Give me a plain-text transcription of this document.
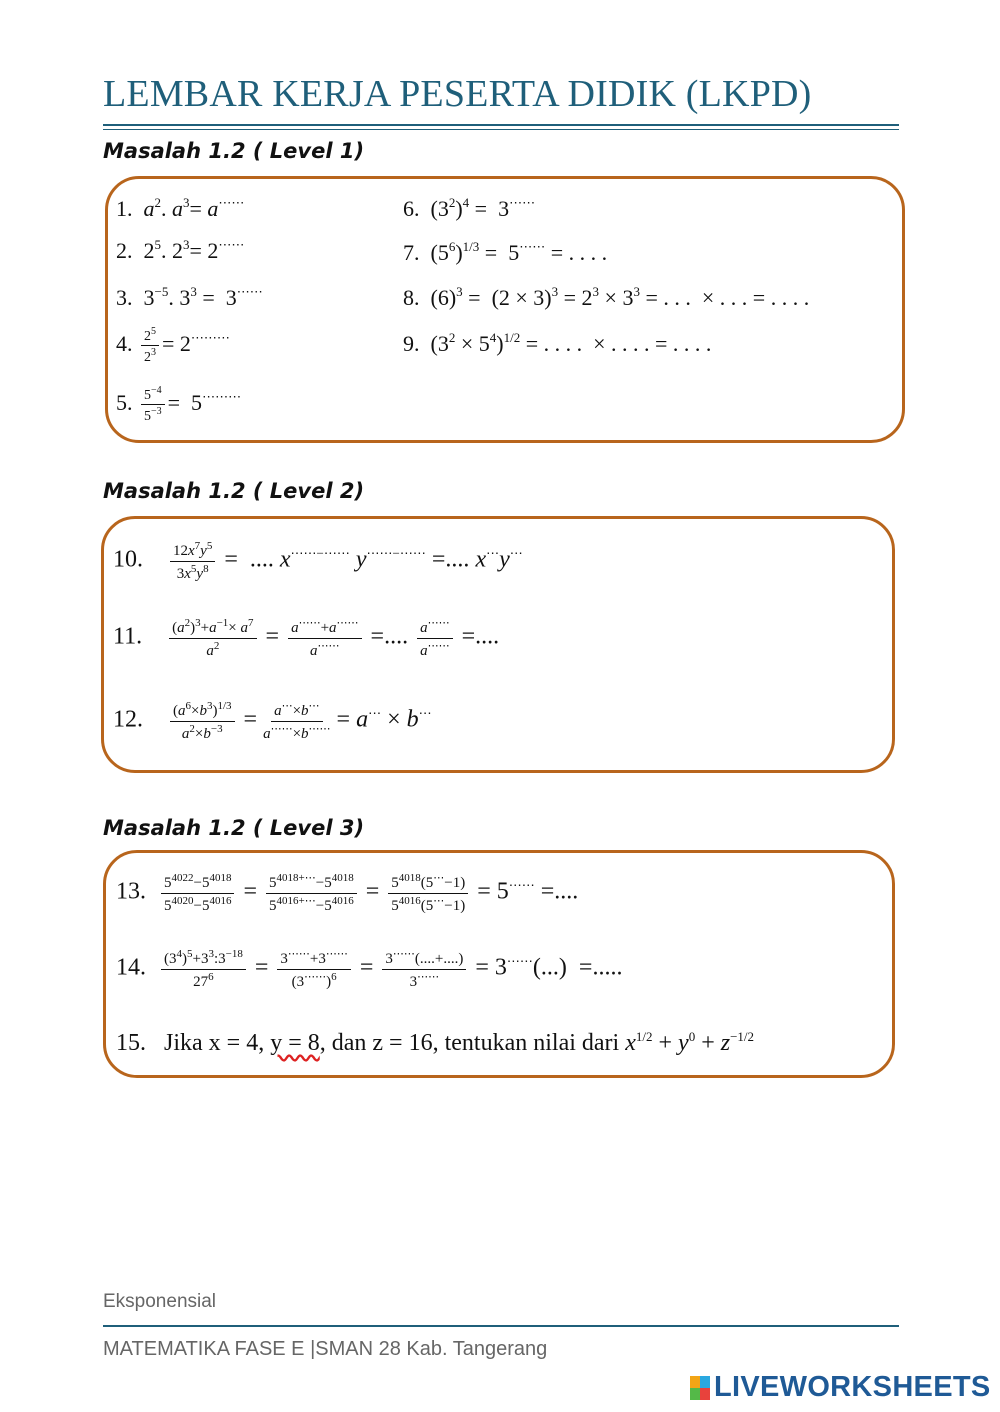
LEMBAR KERJA PESERTA DIDIK (LKPD)
Masalah 1.2 ( Level 1)
1.  $a^2$. $a^3= a^{\cdots\cdots}$
2.  $2^5$. $2^3= 2^{\cdots\cdots}$
3.  $3^{-5}$. $3^3 = 3^{\cdots\cdots}$
4. $\frac{2^5}{2^3} = 2^{\cdots\cdots\cdots}$
5. $\frac{5^{-4}}{5^{-3}} = 5^{\cdots\cdots\cdots}$
6.  $(3^2)^4 = 3^{\cdots\cdots}$
7.  $(5^6)^{1/3} = 5^{\cdots\cdots}$ = . . . .
8.  $(6)^3 = (2 \times 3)^3 = 2^3 \times 3^3$ = . . .  × . . . = . . . .
9.  $(3^2 \times 5^4)^{1/2}$ = . . . .  × . . . . = . . . .
Masalah 1.2 ( Level 2)
10. $\frac{12x^7y^5}{3x^5y^8}$ =  .... x⋯⋯−⋯⋯ y⋯⋯−⋯⋯ =.... x⋯y⋯
11. $\frac{(a^2)^3+a^{-1}\times a^7}{a^2} = \frac{a^{\cdots\cdots}+a^{\cdots\cdots}}{a^{\cdots\cdots}}$ =.... $\frac{a^{\cdots\cdots}}{a^{\cdots\cdots}}$ =....
12. $\frac{(a^6\times b^3)^{1/3}}{a^2\times b^{-3}} = \frac{a^\cdots\times b^\cdots}{a^{\cdots\cdots}\times b^{\cdots\cdots}} = a^\cdots \times b^\cdots$
Masalah 1.2 ( Level 3)
13. $\frac{5^{4022}-5^{4018}}{5^{4020}-5^{4016}} = \frac{5^{4018+\cdots}-5^{4018}}{5^{4016+\cdots}-5^{4016}} = \frac{5^{4018}(5^\cdots-1)}{5^{4016}(5^\cdots-1)} = 5^{\cdots\cdots}$ =....
14. $\frac{(3^4)^5+3^3:3^{-18}}{27^6} = \frac{3^{\cdots\cdots}+3^{\cdots\cdots}}{(3^{\cdots\cdots})^6} = \frac{3^{\cdots\cdots}(....+....)}{3^{\cdots\cdots}} = 3^{\cdots\cdots}(...)$  =.....
15.   Jika x = 4, y = 8, dan z = 16, tentukan nilai dari $x^{1/2} + y^0 + z^{-1/2}$
Eksponensial
MATEMATIKA FASE E |SMAN 28 Kab. Tangerang
LIVEWORKSHEETS
